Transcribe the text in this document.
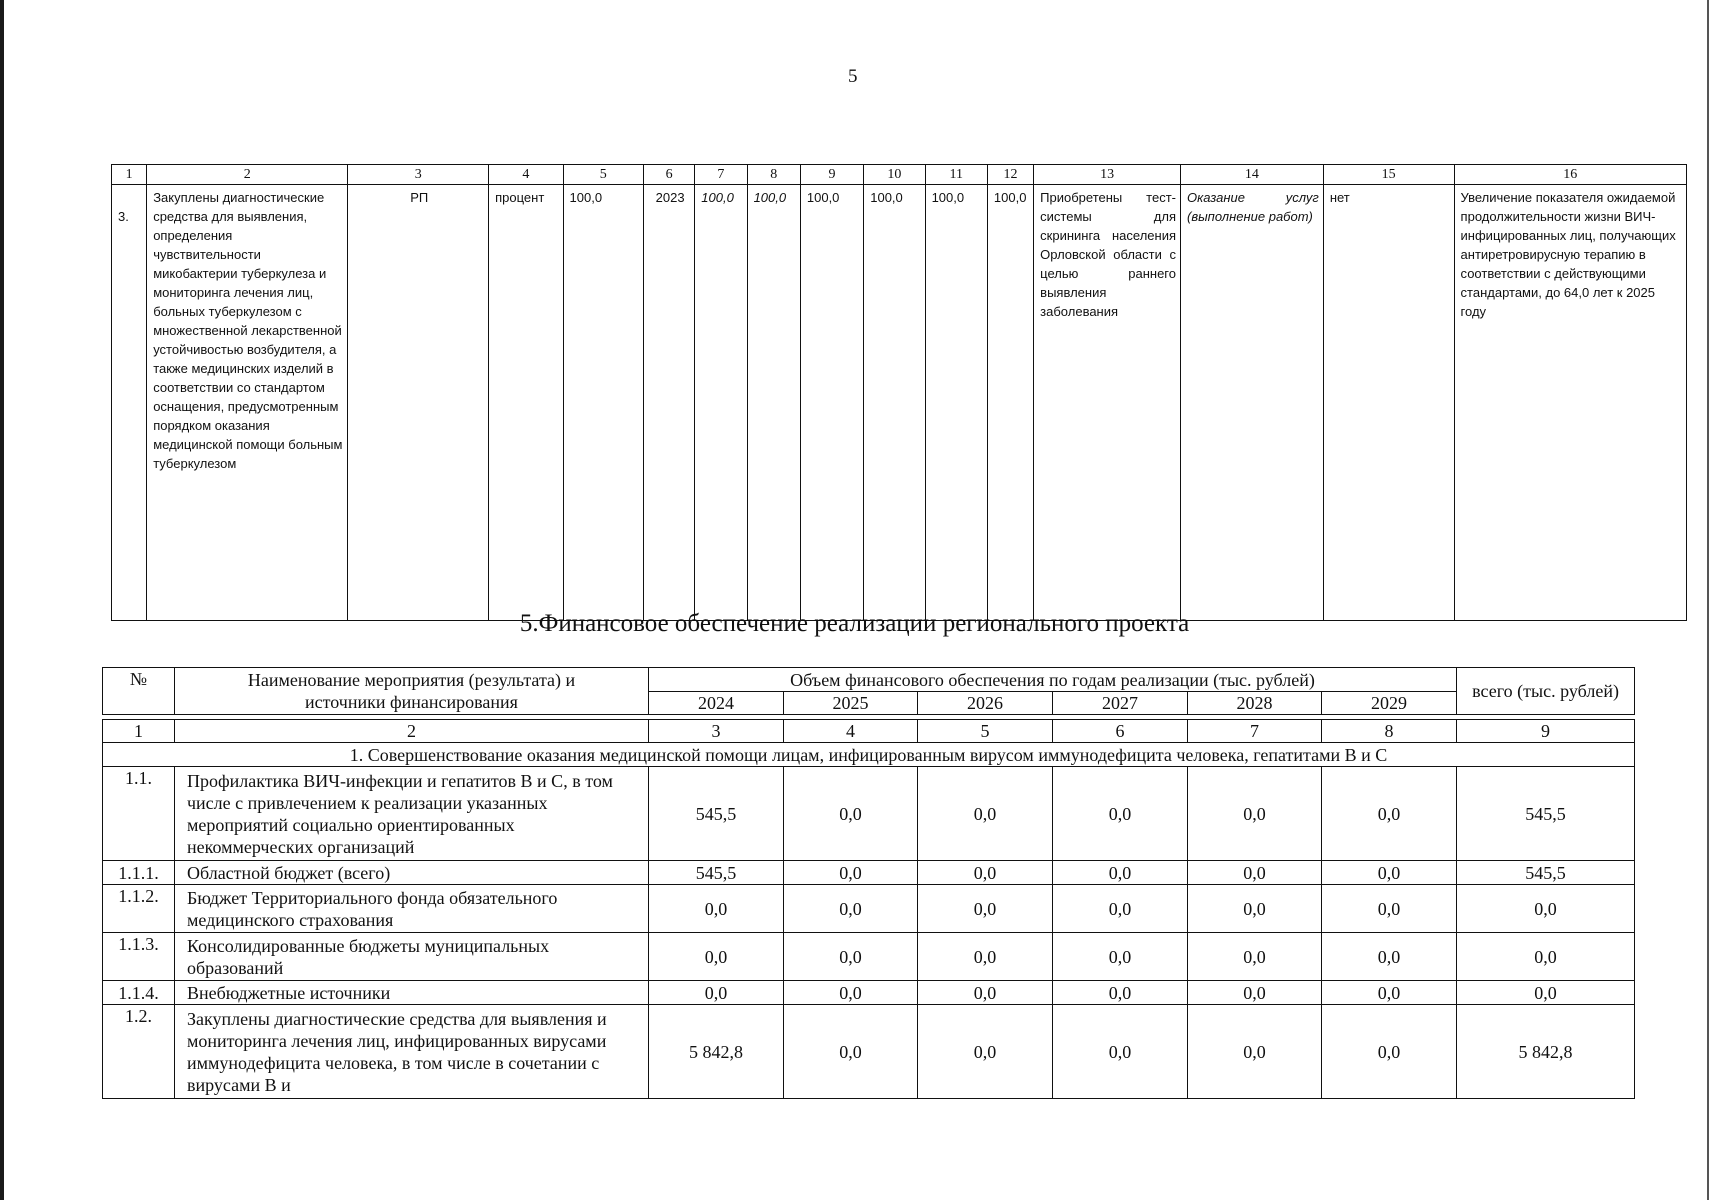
5
1	2	3	4	5	6	7	8	9	10	11	12	13	14	15	16
3.	Закуплены диагностические средства для выявления, определения чувствительности микобактерии туберкулеза и мониторинга лечения лиц, больных туберкулезом с множественной лекарственной устойчивостью возбудителя, а также медицинских изделий в соответствии со стандартом оснащения, предусмотренным порядком оказания медицинской помощи больным туберкулезом	РП	процент	100,0	2023	100,0	100,0	100,0	100,0	100,0	100,0	Приобретены тест-системы для скрининга населения Орловской области с целью раннего выявления заболевания	Оказание услуг (выполнение работ)	нет	Увеличение показателя ожидаемой продолжительности жизни ВИЧ-инфицированных лиц, получающих антиретровирусную терапию в соответствии с действующими стандартами, до 64,0 лет к 2025 году
5.Финансовое обеспечение реализации регионального проекта
№	Наименование мероприятия (результата) и источники финансирования	Объем финансового обеспечения по годам реализации (тыс. рублей)						всего (тыс. рублей)
		2024	2025	2026	2027	2028	2029	

1	2	3	4	5	6	7	8	9
1. Совершенствование оказания медицинской помощи лицам, инфицированным вирусом иммунодефицита человека, гепатитами В и С								
1.1.	Профилактика ВИЧ-инфекции и гепатитов В и С, в том числе с привлечением к реализации указанных мероприятий социально ориентированных некоммерческих организаций	545,5	0,0	0,0	0,0	0,0	0,0	545,5
1.1.1.	Областной бюджет (всего)	545,5	0,0	0,0	0,0	0,0	0,0	545,5
1.1.2.	Бюджет Территориального фонда обязательного медицинского страхования	0,0	0,0	0,0	0,0	0,0	0,0	0,0
1.1.3.	Консолидированные бюджеты муниципальных образований	0,0	0,0	0,0	0,0	0,0	0,0	0,0
1.1.4.	Внебюджетные источники	0,0	0,0	0,0	0,0	0,0	0,0	0,0
1.2.	Закуплены диагностические средства для выявления и мониторинга лечения лиц, инфицированных вирусами иммунодефицита человека, в том числе в сочетании с вирусами В и	5 842,8	0,0	0,0	0,0	0,0	0,0	5 842,8
